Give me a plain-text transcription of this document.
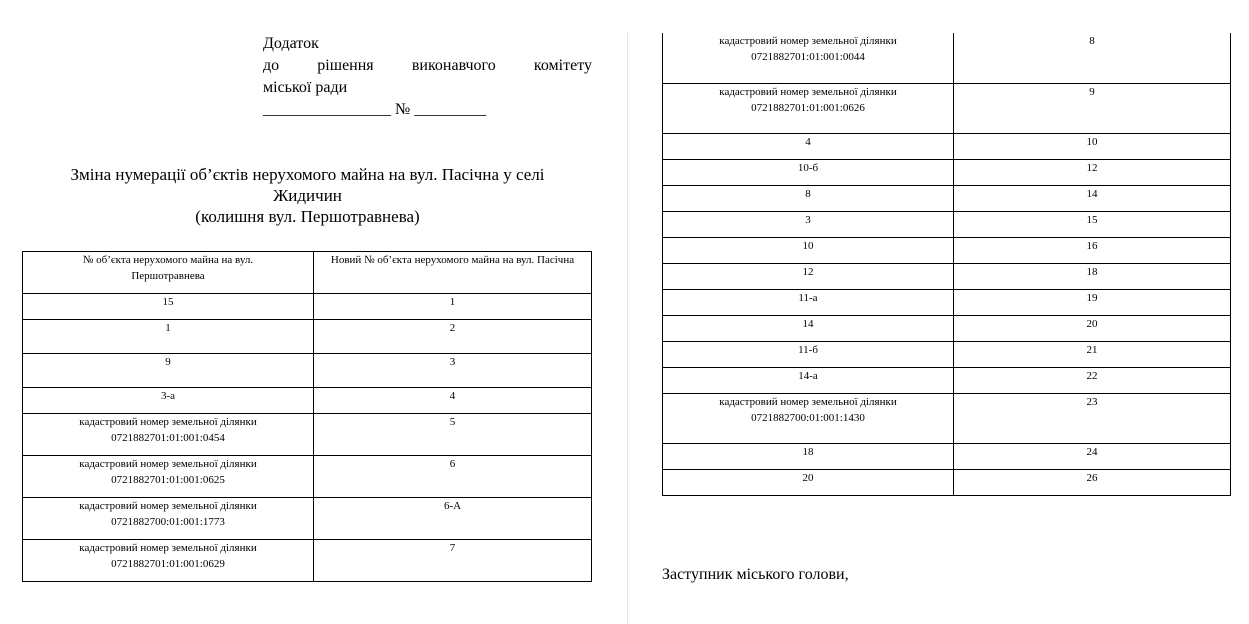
Додаток
до рішення виконавчого комітету
міської ради
________________ № _________
Зміна нумерації об’єктів нерухомого майна на вул. Пасічна у селі Жидичин
(колишня вул. Першотравнева)
№ об’єкта нерухомого майна на вул. Першотравнева	Новий № об’єкта нерухомого майна на вул. Пасічна

15	1

1	2

9	3

3-а	4

кадастровий номер земельної ділянки
0721882701:01:001:0454	5

кадастровий номер земельної ділянки
0721882701:01:001:0625	6

кадастровий номер земельної ділянки
0721882700:01:001:1773	6-А

кадастровий номер земельної ділянки
0721882701:01:001:0629	7
кадастровий номер земельної ділянки
0721882701:01:001:0044	8

кадастровий номер земельної ділянки
0721882701:01:001:0626	9

4	10

10-б	12

8	14

3	15

10	16

12	18

11-а	19

14	20

11-б	21

14-а	22

кадастровий номер земельної ділянки
0721882700:01:001:1430	23

18	24

20	26
Заступник міського голови,
